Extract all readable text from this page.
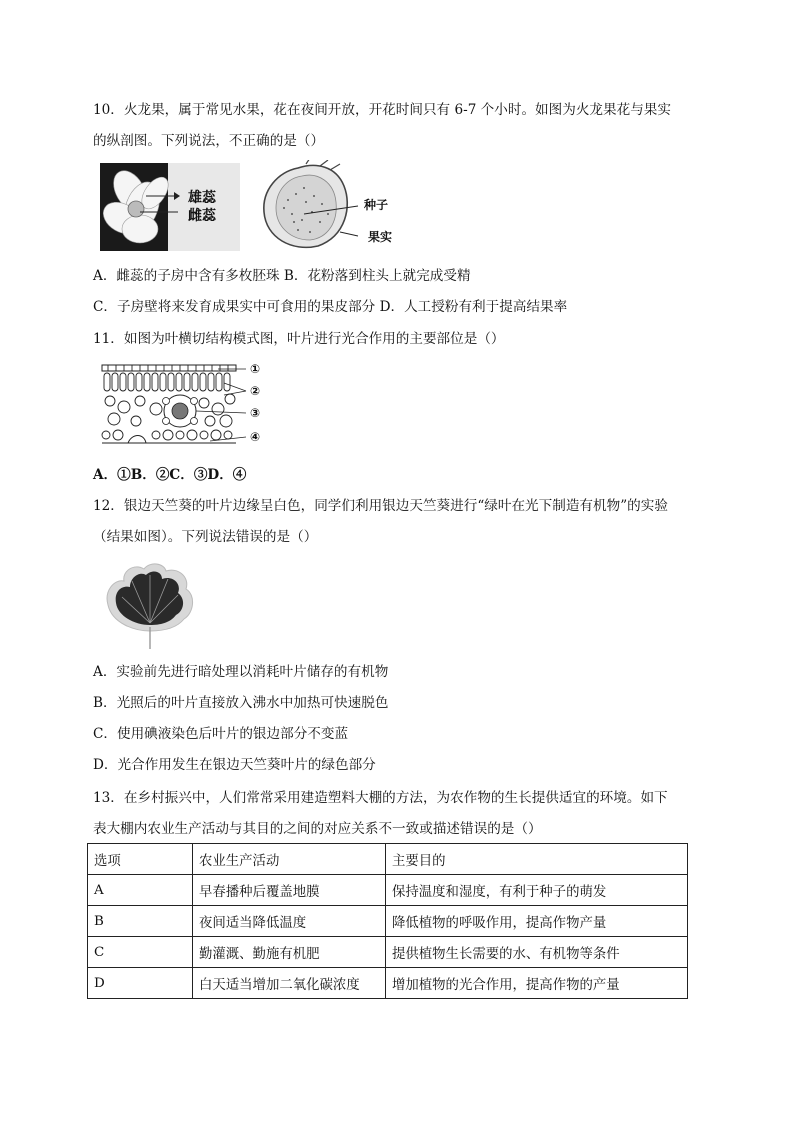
10．火龙果，属于常见水果，花在夜间开放，开花时间只有 6-7 个小时。如图为火龙果花与果实
的纵剖图。下列说法，不正确的是（）
雄蕊
雌蕊
种子
果实
A．雌蕊的子房中含有多枚胚珠 B．花粉落到柱头上就完成受精
C．子房壁将来发育成果实中可食用的果皮部分 D．人工授粉有利于提高结果率
11．如图为叶横切结构模式图，叶片进行光合作用的主要部位是（）
①
②
③
④
A．①B．②C．③D．④
12．银边天竺葵的叶片边缘呈白色，同学们利用银边天竺葵进行“绿叶在光下制造有机物”的实验
（结果如图）。下列说法错误的是（）
A．实验前先进行暗处理以消耗叶片储存的有机物
B．光照后的叶片直接放入沸水中加热可快速脱色
C．使用碘液染色后叶片的银边部分不变蓝
D．光合作用发生在银边天竺葵叶片的绿色部分
13．在乡村振兴中，人们常常采用建造塑料大棚的方法，为农作物的生长提供适宜的环境。如下
表大棚内农业生产活动与其目的之间的对应关系不一致或描述错误的是（）
选项	农业生产活动	主要目的
A	早春播种后覆盖地膜	保持温度和湿度，有利于种子的萌发
B	夜间适当降低温度	降低植物的呼吸作用，提高作物产量
C	勤灌溉、勤施有机肥	提供植物生长需要的水、有机物等条件
D	白天适当增加二氧化碳浓度	增加植物的光合作用，提高作物的产量
